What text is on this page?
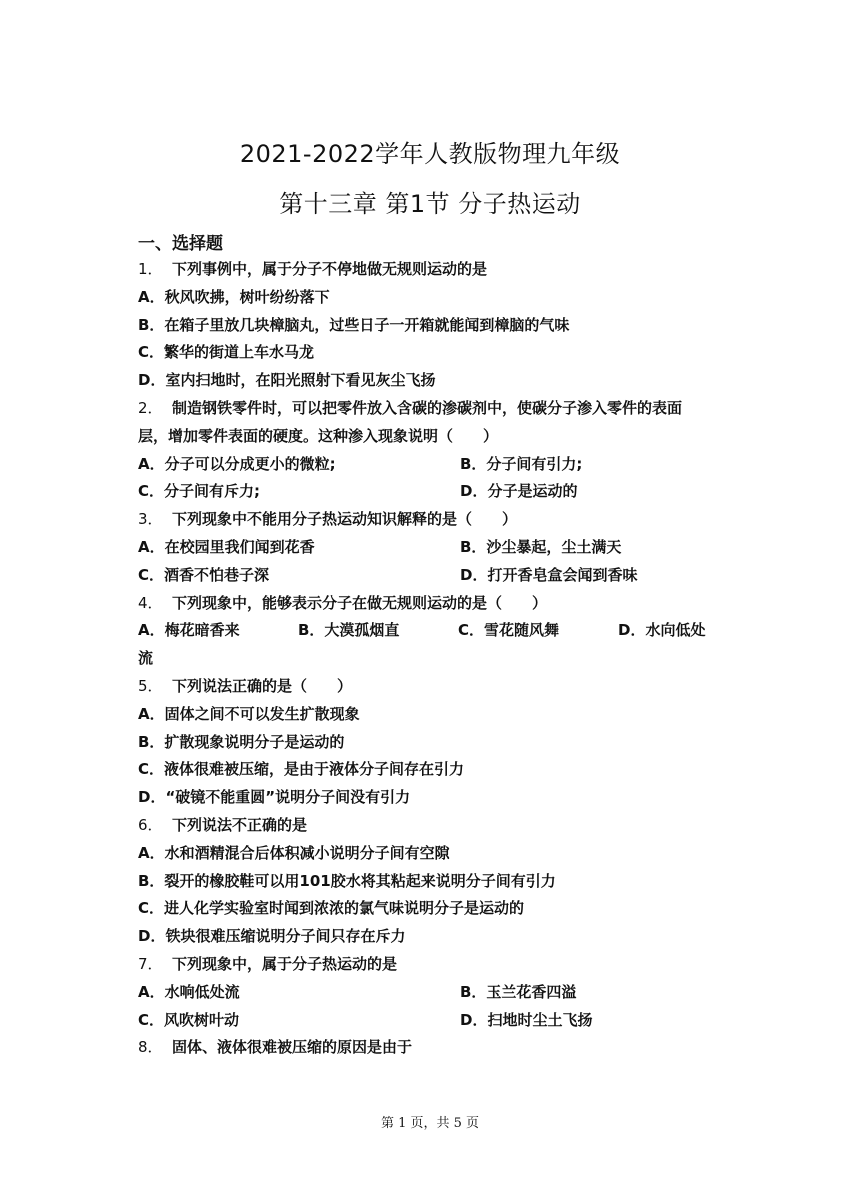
2021-2022学年人教版物理九年级
第十三章 第1节 分子热运动
一、选择题
1． 下列事例中，属于分子不停地做无规则运动的是
A．秋风吹拂，树叶纷纷落下
B．在箱子里放几块樟脑丸，过些日子一开箱就能闻到樟脑的气味
C．繁华的街道上车水马龙
D．室内扫地时，在阳光照射下看见灰尘飞扬
2． 制造钢铁零件时，可以把零件放入含碳的渗碳剂中，使碳分子渗入零件的表面
层，增加零件表面的硬度。这种渗入现象说明（　　）
A．分子可以分成更小的微粒;	B．分子间有引力;
C．分子间有斥力;	D．分子是运动的
3． 下列现象中不能用分子热运动知识解释的是（　　）
A．在校园里我们闻到花香	B．沙尘暴起，尘土满天
C．酒香不怕巷子深	D．打开香皂盒会闻到香味
4． 下列现象中，能够表示分子在做无规则运动的是（　　）
A．梅花暗香来	B．大漠孤烟直	C．雪花随风舞	D．水向低处
流
5． 下列说法正确的是（　　）
A．固体之间不可以发生扩散现象
B．扩散现象说明分子是运动的
C．液体很难被压缩，是由于液体分子间存在引力
D．“破镜不能重圆”说明分子间没有引力
6． 下列说法不正确的是
A．水和酒精混合后体积减小说明分子间有空隙
B．裂开的橡胶鞋可以用101胶水将其粘起来说明分子间有引力
C．进人化学实验室时闻到浓浓的氯气味说明分子是运动的
D．铁块很难压缩说明分子间只存在斥力
7． 下列现象中，属于分子热运动的是
A．水响低处流	B．玉兰花香四溢
C．风吹树叶动	D．扫地时尘土飞扬
8． 固体、液体很难被压缩的原因是由于
第 1 页，共 5 页
